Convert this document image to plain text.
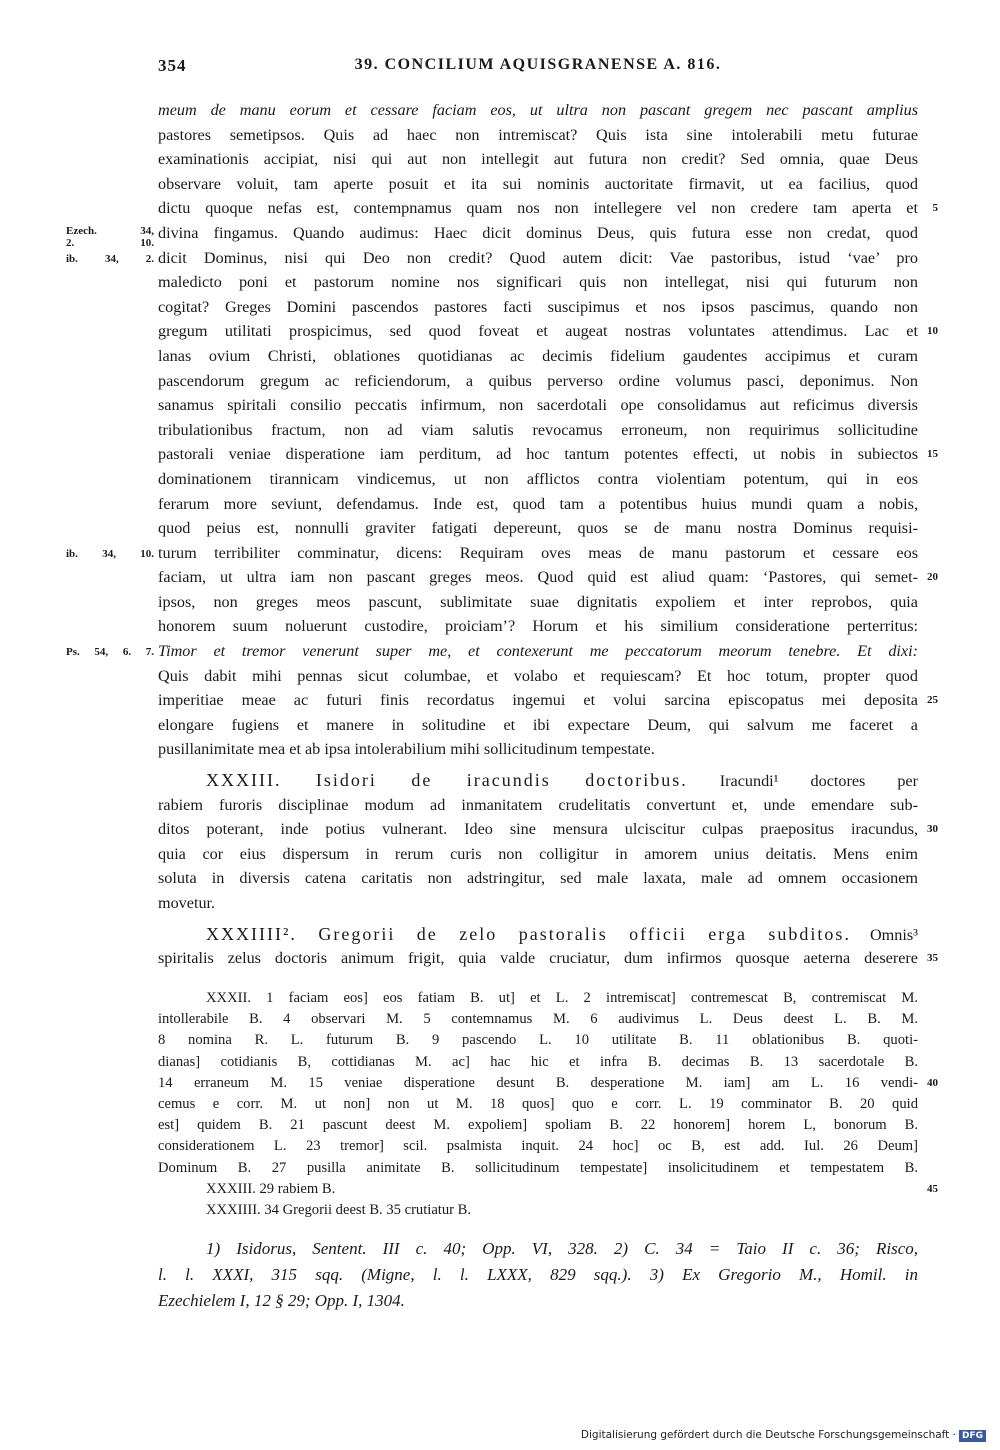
354	39. CONCILIUM AQUISGRANENSE A. 816.
meum de manu eorum et cessare faciam eos, ut ultra non pascant gregem nec pascant amplius
pastores semetipsos. Quis ad haec non intremiscat? Quis ista sine intolerabili metu futurae
examinationis accipiat, nisi qui aut non intellegit aut futura non credit? Sed omnia, quae Deus
observare voluit, tam aperte posuit et ita sui nominis auctoritate firmavit, ut ea facilius, quod
dictu quoque nefas est, contempnamus quam nos non intellegere vel non credere tam aperta et 5
Ezech. 34,
2. 10.
divina fingamus. Quando audimus: Haec dicit dominus Deus, quis futura esse non credat, quod
ib. 34, 2. dicit Dominus, nisi qui Deo non credit? Quod autem dicit: Vae pastoribus, istud ‘vae’ pro
maledicto poni et pastorum nomine nos significari quis non intellegat, nisi qui futurum non
cogitat? Greges Domini pascendos pastores facti suscipimus et nos ipsos pascimus, quando non
gregum utilitati prospicimus, sed quod foveat et augeat nostras voluntates attendimus. Lac et 10
lanas ovium Christi, oblationes quotidianas ac decimis fidelium gaudentes accipimus et curam
pascendorum gregum ac reficiendorum, a quibus perverso ordine volumus pasci, deponimus. Non
sanamus spiritali consilio peccatis infirmum, non sacerdotali ope consolidamus aut reficimus diversis
tribulationibus fractum, non ad viam salutis revocamus erroneum, non requirimus sollicitudine
pastorali veniae disperatione iam perditum, ad hoc tantum potentes effecti, ut nobis in subiectos 15
dominationem tirannicam vindicemus, ut non afflictos contra violentiam potentum, qui in eos
ferarum more seviunt, defendamus. Inde est, quod tam a potentibus huius mundi quam a nobis,
quod peius est, nonnulli graviter fatigati depereunt, quos se de manu nostra Dominus requisi-
ib. 34, 10. turum terribiliter comminatur, dicens: Requiram oves meas de manu pastorum et cessare eos
faciam, ut ultra iam non pascant greges meos. Quod quid est aliud quam: ‘Pastores, qui semet- 20
ipsos, non greges meos pascunt, sublimitate suae dignitatis expoliem et inter reprobos, quia
honorem suum noluerunt custodire, proiciam’? Horum et his similium consideratione perterritus:
Ps. 54, 6. 7. Timor et tremor venerunt super me, et contexerunt me peccatorum meorum tenebre. Et dixi:
Quis dabit mihi pennas sicut columbae, et volabo et requiescam? Et hoc totum, propter quod
imperitiae meae ac futuri finis recordatus ingemui et volui sarcina episcopatus mei deposita 25
elongare fugiens et manere in solitudine et ibi expectare Deum, qui salvum me faceret a
pusillanimitate mea et ab ipsa intolerabilium mihi sollicitudinum tempestate.
XXXIII. Isidori de iracundis doctoribus. Iracundi¹ doctores per
rabiem furoris disciplinae modum ad inmanitatem crudelitatis convertunt et, unde emendare sub-
ditos poterant, inde potius vulnerant. Ideo sine mensura ulciscitur culpas praepositus iracundus, 30
quia cor eius dispersum in rerum curis non colligitur in amorem unius deitatis. Mens enim
soluta in diversis catena caritatis non adstringitur, sed male laxata, male ad omnem occasionem
movetur.
XXXIIII². Gregorii de zelo pastoralis officii erga subditos. Omnis³
spiritalis zelus doctoris animum frigit, quia valde cruciatur, dum infirmos quosque aeterna deserere 35
XXXII. 1 faciam eos] eos fatiam B. ut] et L. 2 intremiscat] contremescat B, contremiscat M.
intollerabile B. 4 observari M. 5 contemnamus M. 6 audivimus L. Deus deest L. B. M.
8 nomina R. L. futurum B. 9 pascendo L. 10 utilitate B. 11 oblationibus B. quoti-
dianas] cotidianis B, cottidianas M. ac] hac hic et infra B. decimas B. 13 sacerdotale B.
14 erraneum M. 15 veniae disperatione desunt B. desperatione M. iam] am L. 16 vendi- 40
cemus e corr. M. ut non] non ut M. 18 quos] quo e corr. L. 19 comminator B. 20 quid
est] quidem B. 21 pascunt deest M. expoliem] spoliam B. 22 honorem] horem L, bonorum B.
considerationem L. 23 tremor] scil. psalmista inquit. 24 hoc] oc B, est add. Iul. 26 Deum]
Dominum B. 27 pusilla animitate B. sollicitudinum tempestate] insolicitudinem et tempestatem B.
XXXIII. 29 rabiem B.	45
XXXIIII. 34 Gregorii deest B. 35 crutiatur B.
1) Isidorus, Sentent. III c. 40; Opp. VI, 328. 2) C. 34 = Taio II c. 36; Risco,
l. l. XXXI, 315 sqq. (Migne, l. l. LXXX, 829 sqq.). 3) Ex Gregorio M., Homil. in
Ezechielem I, 12 § 29; Opp. I, 1304.
Digitalisierung gefördert durch die Deutsche Forschungsgemeinschaft · DFG
